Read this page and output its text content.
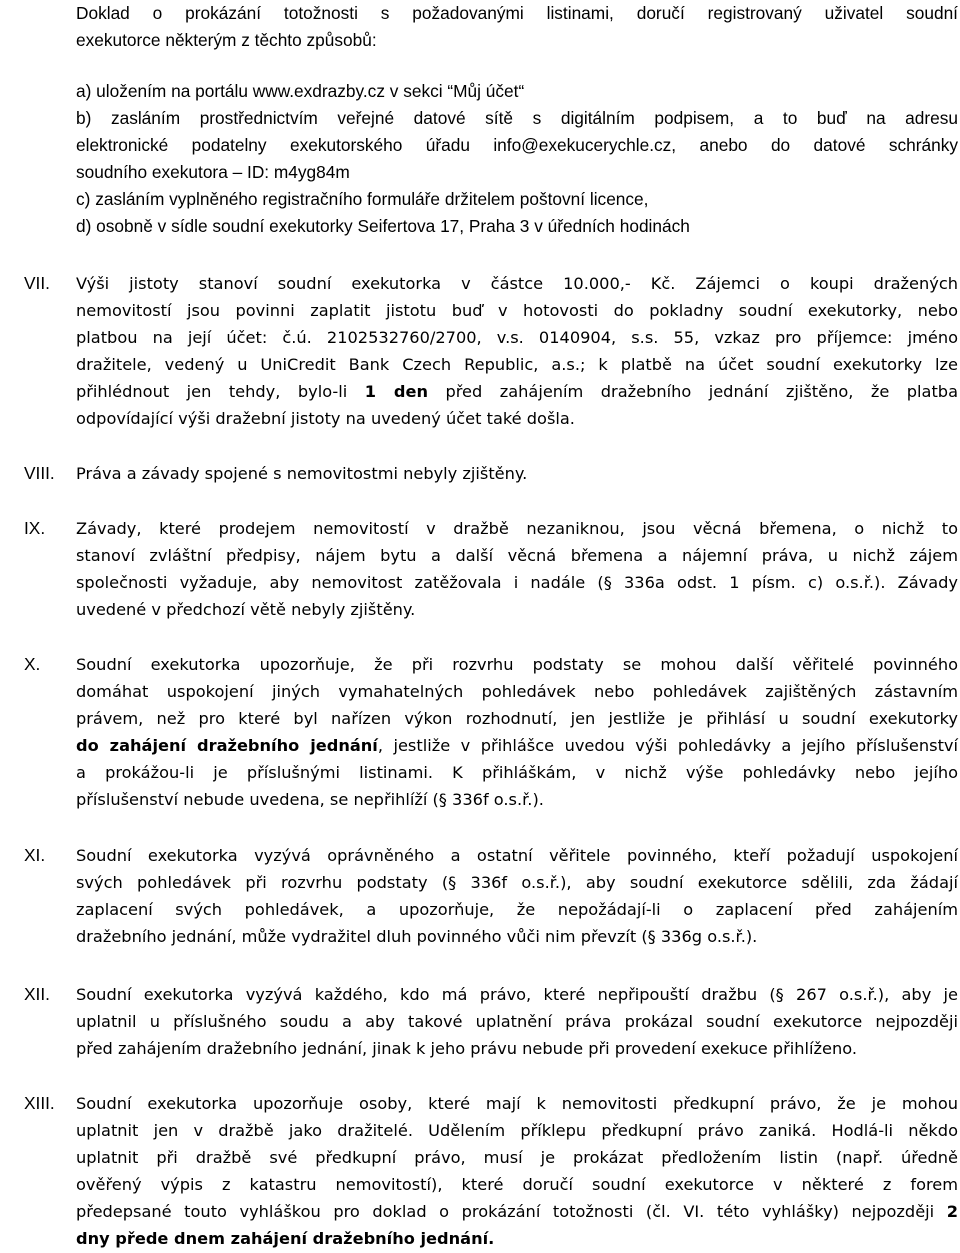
Doklad o prokázání totožnosti s požadovanými listinami, doručí registrovaný uživatel soudní
exekutorce některým z těchto způsobů:
a) uložením na portálu www.exdrazby.cz v sekci “Můj účet“
b) zasláním prostřednictvím veřejné datové sítě s digitálním podpisem, a to buď na adresu
elektronické podatelny exekutorského úřadu info@exekucerychle.cz, anebo do datové schránky
soudního exekutora – ID: m4yg84m
c) zasláním vyplněného registračního formuláře držitelem poštovní licence,
d) osobně v sídle soudní exekutorky Seifertova 17, Praha 3 v úředních hodinách
VII. Výši jistoty stanoví soudní exekutorka v částce 10.000,- Kč. Zájemci o koupi dražených
nemovitostí jsou povinni zaplatit jistotu buď v hotovosti do pokladny soudní exekutorky, nebo
platbou na její účet: č.ú. 2102532760/2700, v.s. 0140904, s.s. 55, vzkaz pro příjemce: jméno
dražitele, vedený u UniCredit Bank Czech Republic, a.s.; k platbě na účet soudní exekutorky lze
přihlédnout jen tehdy, bylo-li 1 den před zahájením dražebního jednání zjištěno, že platba
odpovídající výši dražební jistoty na uvedený účet také došla.
VIII. Práva a závady spojené s nemovitostmi nebyly zjištěny.
IX. Závady, které prodejem nemovitostí v dražbě nezaniknou, jsou věcná břemena, o nichž to
stanoví zvláštní předpisy, nájem bytu a další věcná břemena a nájemní práva, u nichž zájem
společnosti vyžaduje, aby nemovitost zatěžovala i nadále (§ 336a odst. 1 písm. c) o.s.ř.). Závady
uvedené v předchozí větě nebyly zjištěny.
X. Soudní exekutorka upozorňuje, že při rozvrhu podstaty se mohou další věřitelé povinného
domáhat uspokojení jiných vymahatelných pohledávek nebo pohledávek zajištěných zástavním
právem, než pro které byl nařízen výkon rozhodnutí, jen jestliže je přihlásí u soudní exekutorky
do zahájení dražebního jednání, jestliže v přihlášce uvedou výši pohledávky a jejího příslušenství
a prokážou-li je příslušnými listinami. K přihláškám, v nichž výše pohledávky nebo jejího
příslušenství nebude uvedena, se nepřihlíží (§ 336f o.s.ř.).
XI. Soudní exekutorka vyzývá oprávněného a ostatní věřitele povinného, kteří požadují uspokojení
svých pohledávek při rozvrhu podstaty (§ 336f o.s.ř.), aby soudní exekutorce sdělili, zda žádají
zaplacení svých pohledávek, a upozorňuje, že nepožádají-li o zaplacení před zahájením
dražebního jednání, může vydražitel dluh povinného vůči nim převzít (§ 336g o.s.ř.).
XII. Soudní exekutorka vyzývá každého, kdo má právo, které nepřipouští dražbu (§ 267 o.s.ř.), aby je
uplatnil u příslušného soudu a aby takové uplatnění práva prokázal soudní exekutorce nejpozději
před zahájením dražebního jednání, jinak k jeho právu nebude při provedení exekuce přihlíženo.
XIII. Soudní exekutorka upozorňuje osoby, které mají k nemovitosti předkupní právo, že je mohou
uplatnit jen v dražbě jako dražitelé. Udělením příklepu předkupní právo zaniká. Hodlá-li někdo
uplatnit při dražbě své předkupní právo, musí je prokázat předložením listin (např. úředně
ověřený výpis z katastru nemovitostí), které doručí soudní exekutorce v některé z forem
předepsané touto vyhláškou pro doklad o prokázání totožnosti (čl. VI. této vyhlášky) nejpozději 2
dny přede dnem zahájení dražebního jednání.
